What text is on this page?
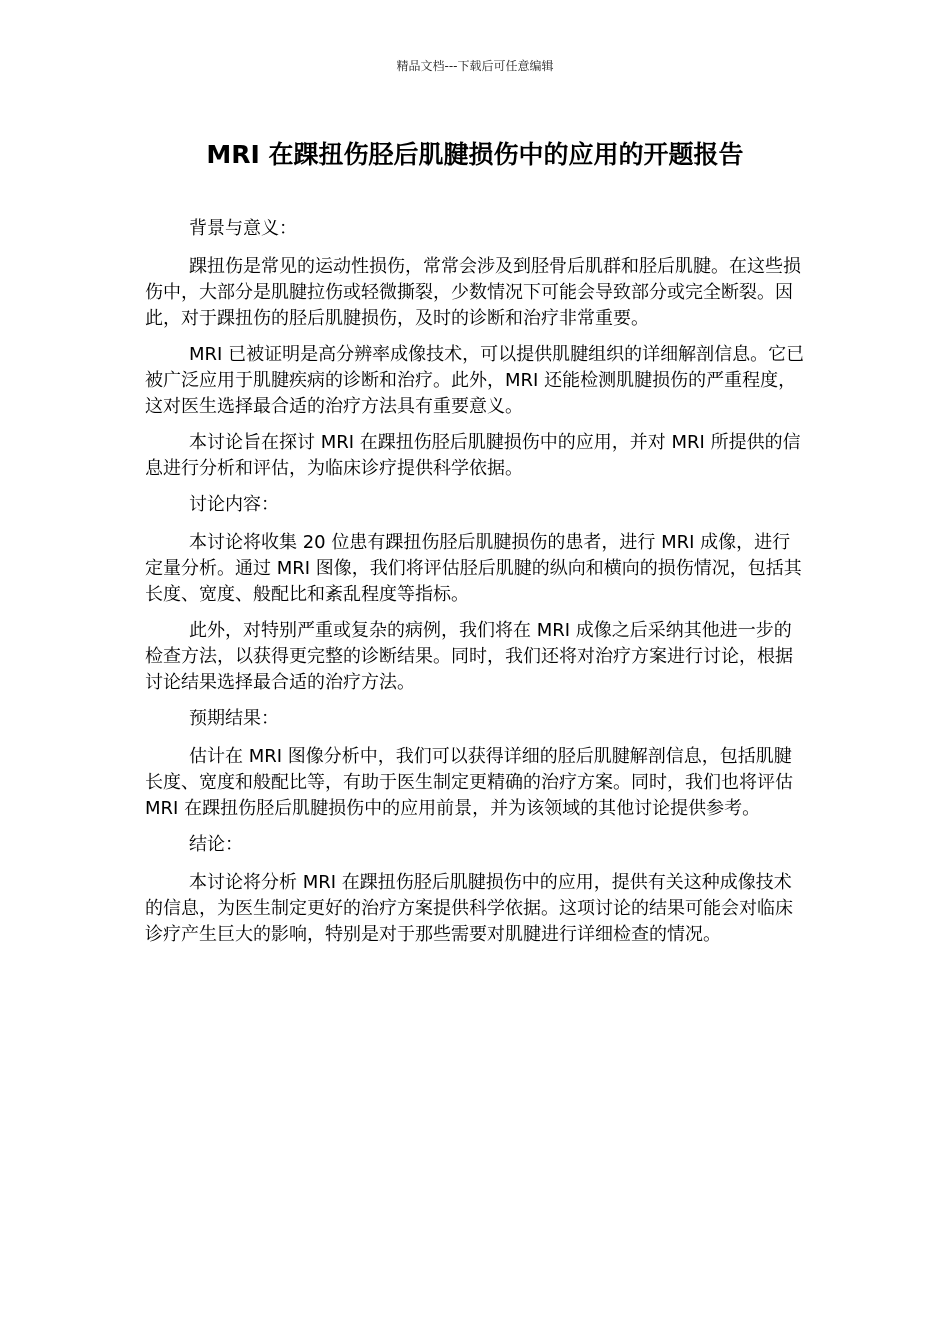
精品文档---下载后可任意编辑
MRI 在踝扭伤胫后肌腱损伤中的应用的开题报告

背景与意义：

踝扭伤是常见的运动性损伤，常常会涉及到胫骨后肌群和胫后肌腱。在这些损伤中，大部分是肌腱拉伤或轻微撕裂，少数情况下可能会导致部分或完全断裂。因此，对于踝扭伤的胫后肌腱损伤，及时的诊断和治疗非常重要。

MRI 已被证明是高分辨率成像技术，可以提供肌腱组织的详细解剖信息。它已被广泛应用于肌腱疾病的诊断和治疗。此外，MRI 还能检测肌腱损伤的严重程度，这对医生选择最合适的治疗方法具有重要意义。

本讨论旨在探讨 MRI 在踝扭伤胫后肌腱损伤中的应用，并对 MRI 所提供的信息进行分析和评估，为临床诊疗提供科学依据。

讨论内容：

本讨论将收集 20 位患有踝扭伤胫后肌腱损伤的患者，进行 MRI 成像，进行定量分析。通过 MRI 图像，我们将评估胫后肌腱的纵向和横向的损伤情况，包括其长度、宽度、般配比和紊乱程度等指标。

此外，对特别严重或复杂的病例，我们将在 MRI 成像之后采纳其他进一步的检查方法，以获得更完整的诊断结果。同时，我们还将对治疗方案进行讨论，根据讨论结果选择最合适的治疗方法。

预期结果：

估计在 MRI 图像分析中，我们可以获得详细的胫后肌腱解剖信息，包括肌腱长度、宽度和般配比等，有助于医生制定更精确的治疗方案。同时，我们也将评估 MRI 在踝扭伤胫后肌腱损伤中的应用前景，并为该领域的其他讨论提供参考。

结论：

本讨论将分析 MRI 在踝扭伤胫后肌腱损伤中的应用，提供有关这种成像技术的信息，为医生制定更好的治疗方案提供科学依据。这项讨论的结果可能会对临床诊疗产生巨大的影响，特别是对于那些需要对肌腱进行详细检查的情况。
